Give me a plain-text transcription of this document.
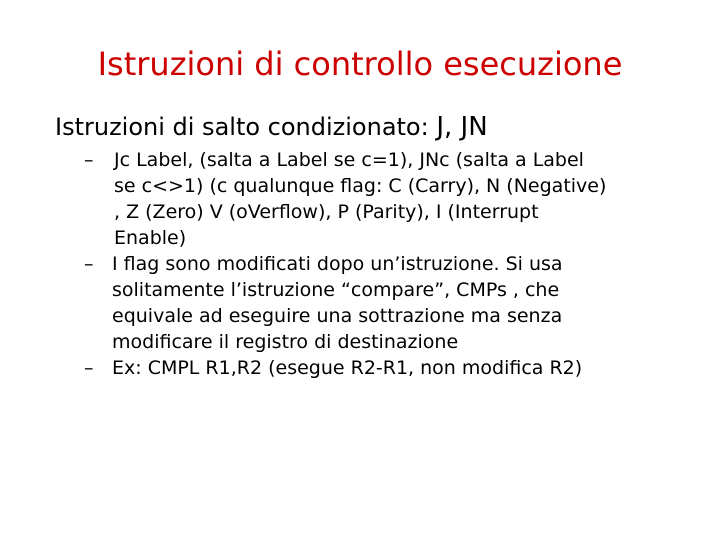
Istruzioni di controllo esecuzione
Istruzioni di salto condizionato: J, JN
– Jc Label, (salta a Label se c=1), JNc (salta a Label
se c<>1) (c qualunque flag: C (Carry), N (Negative)
, Z (Zero) V (oVerflow), P (Parity), I (Interrupt
Enable)
– I flag sono modificati dopo un’istruzione. Si usa
solitamente l’istruzione “compare”, CMPs , che
equivale ad eseguire una sottrazione ma senza
modificare il registro di destinazione
– Ex: CMPL R1,R2 (esegue R2-R1, non modifica R2)
